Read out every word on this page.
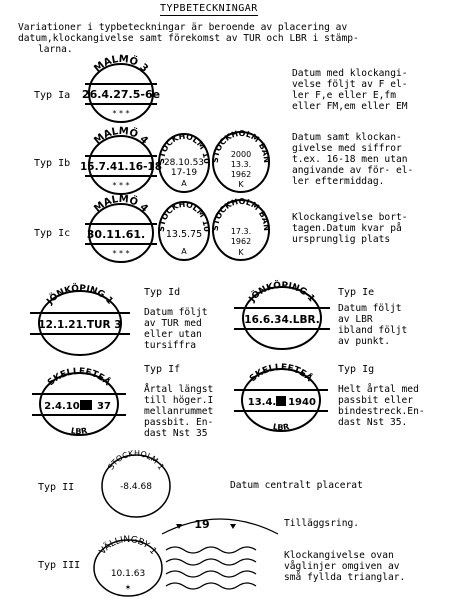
TYPBETECKNINGAR
Variationer i typbeteckningar är beroende av placering av
datum,klockangivelse samt förekomst av TUR och LBR i stämp-
larna.
Typ Ia
MALMÖ 3
26.4.27.5-6e
* * *
Datum med klockangi-
velse följt av F el-
ler F,e eller E,fm
eller FM,em eller EM
Typ Ib
MALMÖ 4
15.7.41.16-18
* * *
STOCKHOLM 10
28.10.53
17-19
A
STOCKHOLM BAN
2000
13.3.
1962
K
Datum samt klockan-
givelse med siffror
t.ex. 16-18 men utan
angivande av för- el-
ler eftermiddag.
Typ Ic
MALMÖ 4
30.11.61.
* * *
STOCKHOLM 10
13.5.75
A
STOCKHOLM BAN
17.3.
1962
K
Klockangivelse bort-
tagen.Datum kvar på
ursprunglig plats
Typ Id
JÖNKÖPING 1
12.1.21.TUR 3
Datum följt
av TUR med
eller utan
tursiffra
Typ Ie
JÖNKÖPING 1
16.6.34.LBR.
Datum följt
av LBR
ibland följt
av punkt.
Typ If
SKELLEFTEÅ
2.4.10 37
LBR
Årtal längst
till höger.I
mellanrummet
passbit. En-
dast Nst 35
Typ Ig
SKELLEFTEÅ
13.4. 1940
LBR
Helt årtal med
passbit eller
bindestreck.En-
dast Nst 35.
Typ II
STOCKHOLM 1
-8.4.68	Datum centralt placerat
19	Tilläggsring.
Typ III
VÄLLINGBY 1
10.1.63
✶
Klockangivelse ovan
våglinjer omgiven av
små fyllda trianglar.
